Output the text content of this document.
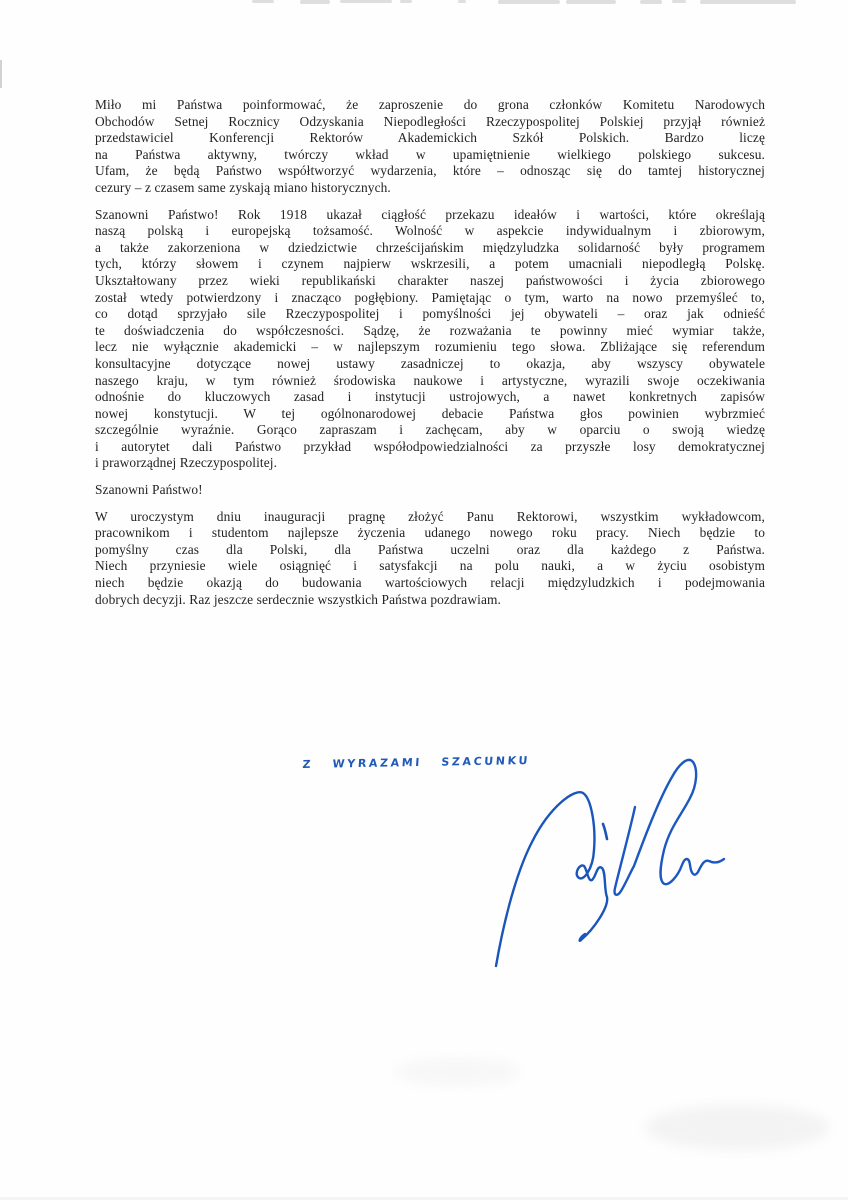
Miło mi Państwa poinformować, że zaproszenie do grona członków Komitetu Narodowych
Obchodów Setnej Rocznicy Odzyskania Niepodległości Rzeczypospolitej Polskiej przyjął również
przedstawiciel Konferencji Rektorów Akademickich Szkół Polskich. Bardzo liczę
na Państwa aktywny, twórczy wkład w upamiętnienie wielkiego polskiego sukcesu.
Ufam, że będą Państwo współtworzyć wydarzenia, które – odnosząc się do tamtej historycznej
cezury – z czasem same zyskają miano historycznych.
Szanowni Państwo! Rok 1918 ukazał ciągłość przekazu ideałów i wartości, które określają
naszą polską i europejską tożsamość. Wolność w aspekcie indywidualnym i zbiorowym,
a także zakorzeniona w dziedzictwie chrześcijańskim międzyludzka solidarność były programem
tych, którzy słowem i czynem najpierw wskrzesili, a potem umacniali niepodległą Polskę.
Ukształtowany przez wieki republikański charakter naszej państwowości i życia zbiorowego
został wtedy potwierdzony i znacząco pogłębiony. Pamiętając o tym, warto na nowo przemyśleć to,
co dotąd sprzyjało sile Rzeczypospolitej i pomyślności jej obywateli – oraz jak odnieść
te doświadczenia do współczesności. Sądzę, że rozważania te powinny mieć wymiar także,
lecz nie wyłącznie akademicki – w najlepszym rozumieniu tego słowa. Zbliżające się referendum
konsultacyjne dotyczące nowej ustawy zasadniczej to okazja, aby wszyscy obywatele
naszego kraju, w tym również środowiska naukowe i artystyczne, wyrazili swoje oczekiwania
odnośnie do kluczowych zasad i instytucji ustrojowych, a nawet konkretnych zapisów
nowej konstytucji. W tej ogólnonarodowej debacie Państwa głos powinien wybrzmieć
szczególnie wyraźnie. Gorąco zapraszam i zachęcam, aby w oparciu o swoją wiedzę
i autorytet dali Państwo przykład współodpowiedzialności za przyszłe losy demokratycznej
i praworządnej Rzeczypospolitej.
Szanowni Państwo!
W uroczystym dniu inauguracji pragnę złożyć Panu Rektorowi, wszystkim wykładowcom,
pracownikom i studentom najlepsze życzenia udanego nowego roku pracy. Niech będzie to
pomyślny czas dla Polski, dla Państwa uczelni oraz dla każdego z Państwa.
Niech przyniesie wiele osiągnięć i satysfakcji na polu nauki, a w życiu osobistym
niech będzie okazją do budowania wartościowych relacji międzyludzkich i podejmowania
dobrych decyzji. Raz jeszcze serdecznie wszystkich Państwa pozdrawiam.
Z WYRAZAMI SZACUNKU
